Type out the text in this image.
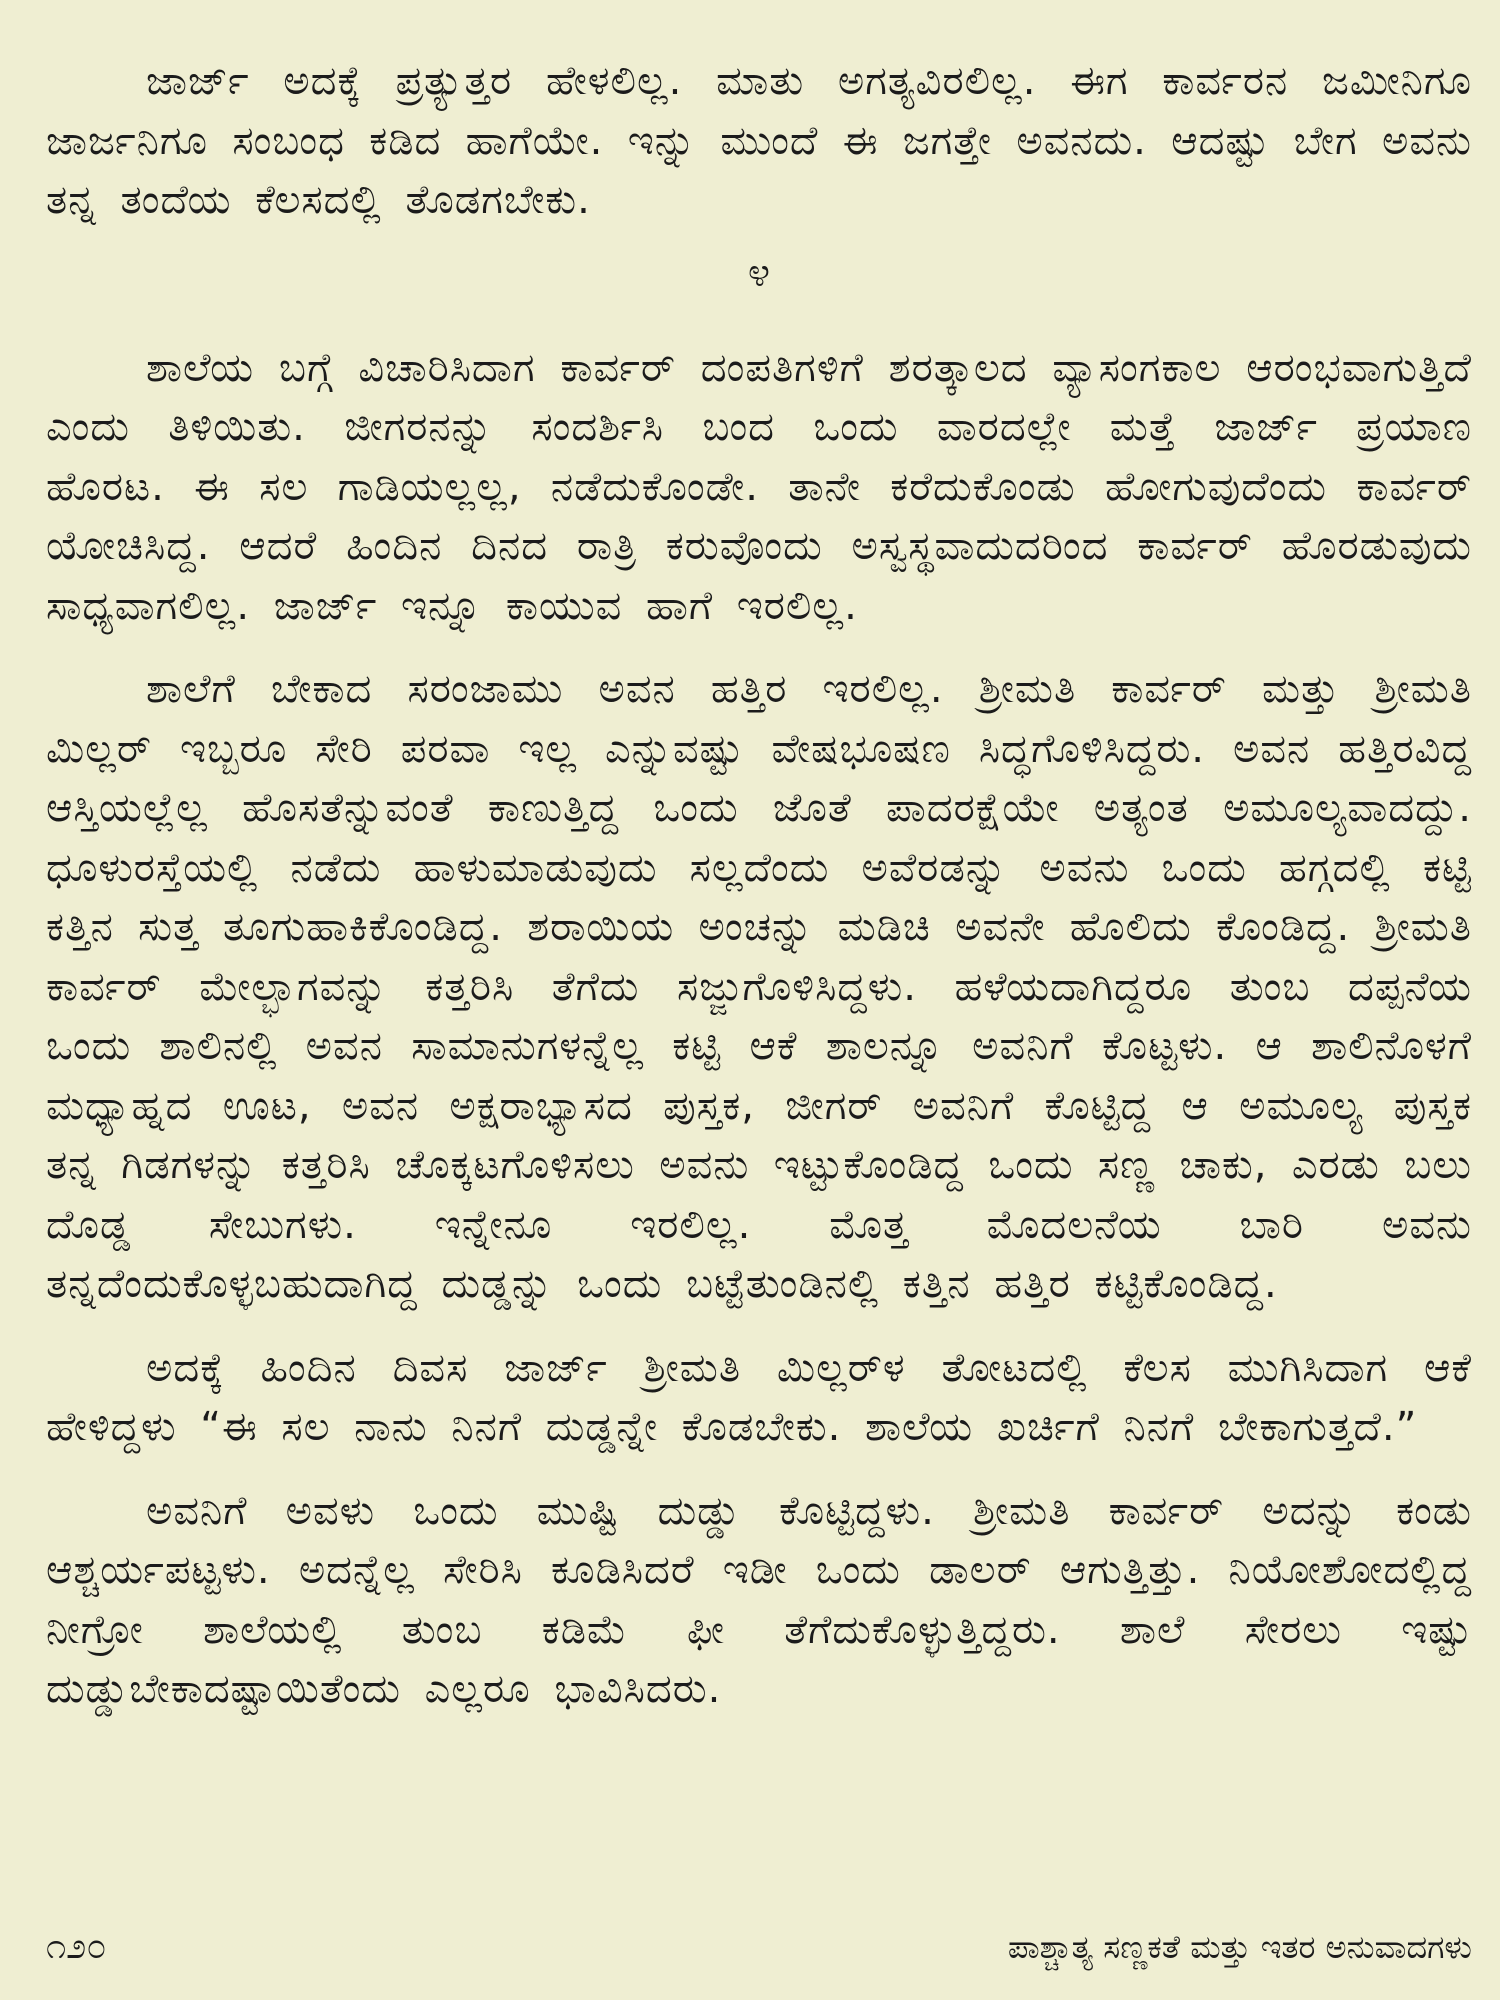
ಜಾರ್ಜ್ ಅದಕ್ಕೆ ಪ್ರತ್ಯುತ್ತರ ಹೇಳಲಿಲ್ಲ. ಮಾತು ಅಗತ್ಯವಿರಲಿಲ್ಲ. ಈಗ ಕಾರ್ವರನ ಜಮೀನಿಗೂ ಜಾರ್ಜನಿಗೂ ಸಂಬಂಧ ಕಡಿದ ಹಾಗೆಯೇ. ಇನ್ನು ಮುಂದೆ ಈ ಜಗತ್ತೇ ಅವನದು. ಆದಷ್ಟು ಬೇಗ ಅವನು ತನ್ನ ತಂದೆಯ ಕೆಲಸದಲ್ಲಿ ತೊಡಗಬೇಕು.

೪

ಶಾಲೆಯ ಬಗ್ಗೆ ವಿಚಾರಿಸಿದಾಗ ಕಾರ್ವರ್ ದಂಪತಿಗಳಿಗೆ ಶರತ್ಕಾಲದ ವ್ಯಾಸಂಗಕಾಲ ಆರಂಭವಾಗುತ್ತಿದೆ ಎಂದು ತಿಳಿಯಿತು. ಜೀಗರನನ್ನು ಸಂದರ್ಶಿಸಿ ಬಂದ ಒಂದು ವಾರದಲ್ಲೇ ಮತ್ತೆ ಜಾರ್ಜ್ ಪ್ರಯಾಣ ಹೊರಟ. ಈ ಸಲ ಗಾಡಿಯಲ್ಲಲ್ಲ, ನಡೆದುಕೊಂಡೇ. ತಾನೇ ಕರೆದುಕೊಂಡು ಹೋಗುವುದೆಂದು ಕಾರ್ವರ್ ಯೋಚಿಸಿದ್ದ. ಆದರೆ ಹಿಂದಿನ ದಿನದ ರಾತ್ರಿ ಕರುವೊಂದು ಅಸ್ವಸ್ಥವಾದುದರಿಂದ ಕಾರ್ವರ್ ಹೊರಡುವುದು ಸಾಧ್ಯವಾಗಲಿಲ್ಲ. ಜಾರ್ಜ್ ಇನ್ನೂ ಕಾಯುವ ಹಾಗೆ ಇರಲಿಲ್ಲ.

ಶಾಲೆಗೆ ಬೇಕಾದ ಸರಂಜಾಮು ಅವನ ಹತ್ತಿರ ಇರಲಿಲ್ಲ. ಶ್ರೀಮತಿ ಕಾರ್ವರ್ ಮತ್ತು ಶ್ರೀಮತಿ ಮಿಲ್ಲರ್ ಇಬ್ಬರೂ ಸೇರಿ ಪರವಾ ಇಲ್ಲ ಎನ್ನುವಷ್ಟು ವೇಷಭೂಷಣ ಸಿದ್ಧಗೊಳಿಸಿದ್ದರು. ಅವನ ಹತ್ತಿರವಿದ್ದ ಆಸ್ತಿಯಲ್ಲೆಲ್ಲ ಹೊಸತೆನ್ನುವಂತೆ ಕಾಣುತ್ತಿದ್ದ ಒಂದು ಜೊತೆ ಪಾದರಕ್ಷೆಯೇ ಅತ್ಯಂತ ಅಮೂಲ್ಯವಾದದ್ದು. ಧೂಳುರಸ್ತೆಯಲ್ಲಿ ನಡೆದು ಹಾಳುಮಾಡುವುದು ಸಲ್ಲದೆಂದು ಅವೆರಡನ್ನು ಅವನು ಒಂದು ಹಗ್ಗದಲ್ಲಿ ಕಟ್ಟಿ ಕತ್ತಿನ ಸುತ್ತ ತೂಗುಹಾಕಿಕೊಂಡಿದ್ದ. ಶರಾಯಿಯ ಅಂಚನ್ನು ಮಡಿಚಿ ಅವನೇ ಹೊಲಿದು ಕೊಂಡಿದ್ದ. ಶ್ರೀಮತಿ ಕಾರ್ವರ್ ಮೇಲ್ಭಾಗವನ್ನು ಕತ್ತರಿಸಿ ತೆಗೆದು ಸಜ್ಜುಗೊಳಿಸಿದ್ದಳು. ಹಳೆಯದಾಗಿದ್ದರೂ ತುಂಬ ದಪ್ಪನೆಯ ಒಂದು ಶಾಲಿನಲ್ಲಿ ಅವನ ಸಾಮಾನುಗಳನ್ನೆಲ್ಲ ಕಟ್ಟಿ ಆಕೆ ಶಾಲನ್ನೂ ಅವನಿಗೆ ಕೊಟ್ಟಳು. ಆ ಶಾಲಿನೊಳಗೆ ಮಧ್ಯಾಹ್ನದ ಊಟ, ಅವನ ಅಕ್ಷರಾಭ್ಯಾಸದ ಪುಸ್ತಕ, ಜೀಗರ್ ಅವನಿಗೆ ಕೊಟ್ಟಿದ್ದ ಆ ಅಮೂಲ್ಯ ಪುಸ್ತಕ ತನ್ನ ಗಿಡಗಳನ್ನು ಕತ್ತರಿಸಿ ಚೊಕ್ಕಟಗೊಳಿಸಲು ಅವನು ಇಟ್ಟುಕೊಂಡಿದ್ದ ಒಂದು ಸಣ್ಣ ಚಾಕು, ಎರಡು ಬಲು ದೊಡ್ಡ ಸೇಬುಗಳು. ಇನ್ನೇನೂ ಇರಲಿಲ್ಲ. ಮೊತ್ತ ಮೊದಲನೆಯ ಬಾರಿ ಅವನು ತನ್ನದೆಂದುಕೊಳ್ಳಬಹುದಾಗಿದ್ದ ದುಡ್ಡನ್ನು ಒಂದು ಬಟ್ಟೆತುಂಡಿನಲ್ಲಿ ಕತ್ತಿನ ಹತ್ತಿರ ಕಟ್ಟಿಕೊಂಡಿದ್ದ.

ಅದಕ್ಕೆ ಹಿಂದಿನ ದಿವಸ ಜಾರ್ಜ್ ಶ್ರೀಮತಿ ಮಿಲ್ಲರ್‌ಳ ತೋಟದಲ್ಲಿ ಕೆಲಸ ಮುಗಿಸಿದಾಗ ಆಕೆ ಹೇಳಿದ್ದಳು “ಈ ಸಲ ನಾನು ನಿನಗೆ ದುಡ್ಡನ್ನೇ ಕೊಡಬೇಕು. ಶಾಲೆಯ ಖರ್ಚಿಗೆ ನಿನಗೆ ಬೇಕಾಗುತ್ತದೆ.”

ಅವನಿಗೆ ಅವಳು ಒಂದು ಮುಷ್ಟಿ ದುಡ್ಡು ಕೊಟ್ಟಿದ್ದಳು. ಶ್ರೀಮತಿ ಕಾರ್ವರ್ ಅದನ್ನು ಕಂಡು ಆಶ್ಚರ್ಯಪಟ್ಟಳು. ಅದನ್ನೆಲ್ಲ ಸೇರಿಸಿ ಕೂಡಿಸಿದರೆ ಇಡೀ ಒಂದು ಡಾಲರ್ ಆಗುತ್ತಿತ್ತು. ನಿಯೋಶೋದಲ್ಲಿದ್ದ ನೀಗ್ರೋ ಶಾಲೆಯಲ್ಲಿ ತುಂಬ ಕಡಿಮೆ ಫೀ ತೆಗೆದುಕೊಳ್ಳುತ್ತಿದ್ದರು. ಶಾಲೆ ಸೇರಲು ಇಷ್ಟು ದುಡ್ಡುಬೇಕಾದಷ್ಟಾಯಿತೆಂದು ಎಲ್ಲರೂ ಭಾವಿಸಿದರು.

೧೨೦	ಪಾಶ್ಚಾತ್ಯ ಸಣ್ಣಕತೆ ಮತ್ತು ಇತರ ಅನುವಾದಗಳು
